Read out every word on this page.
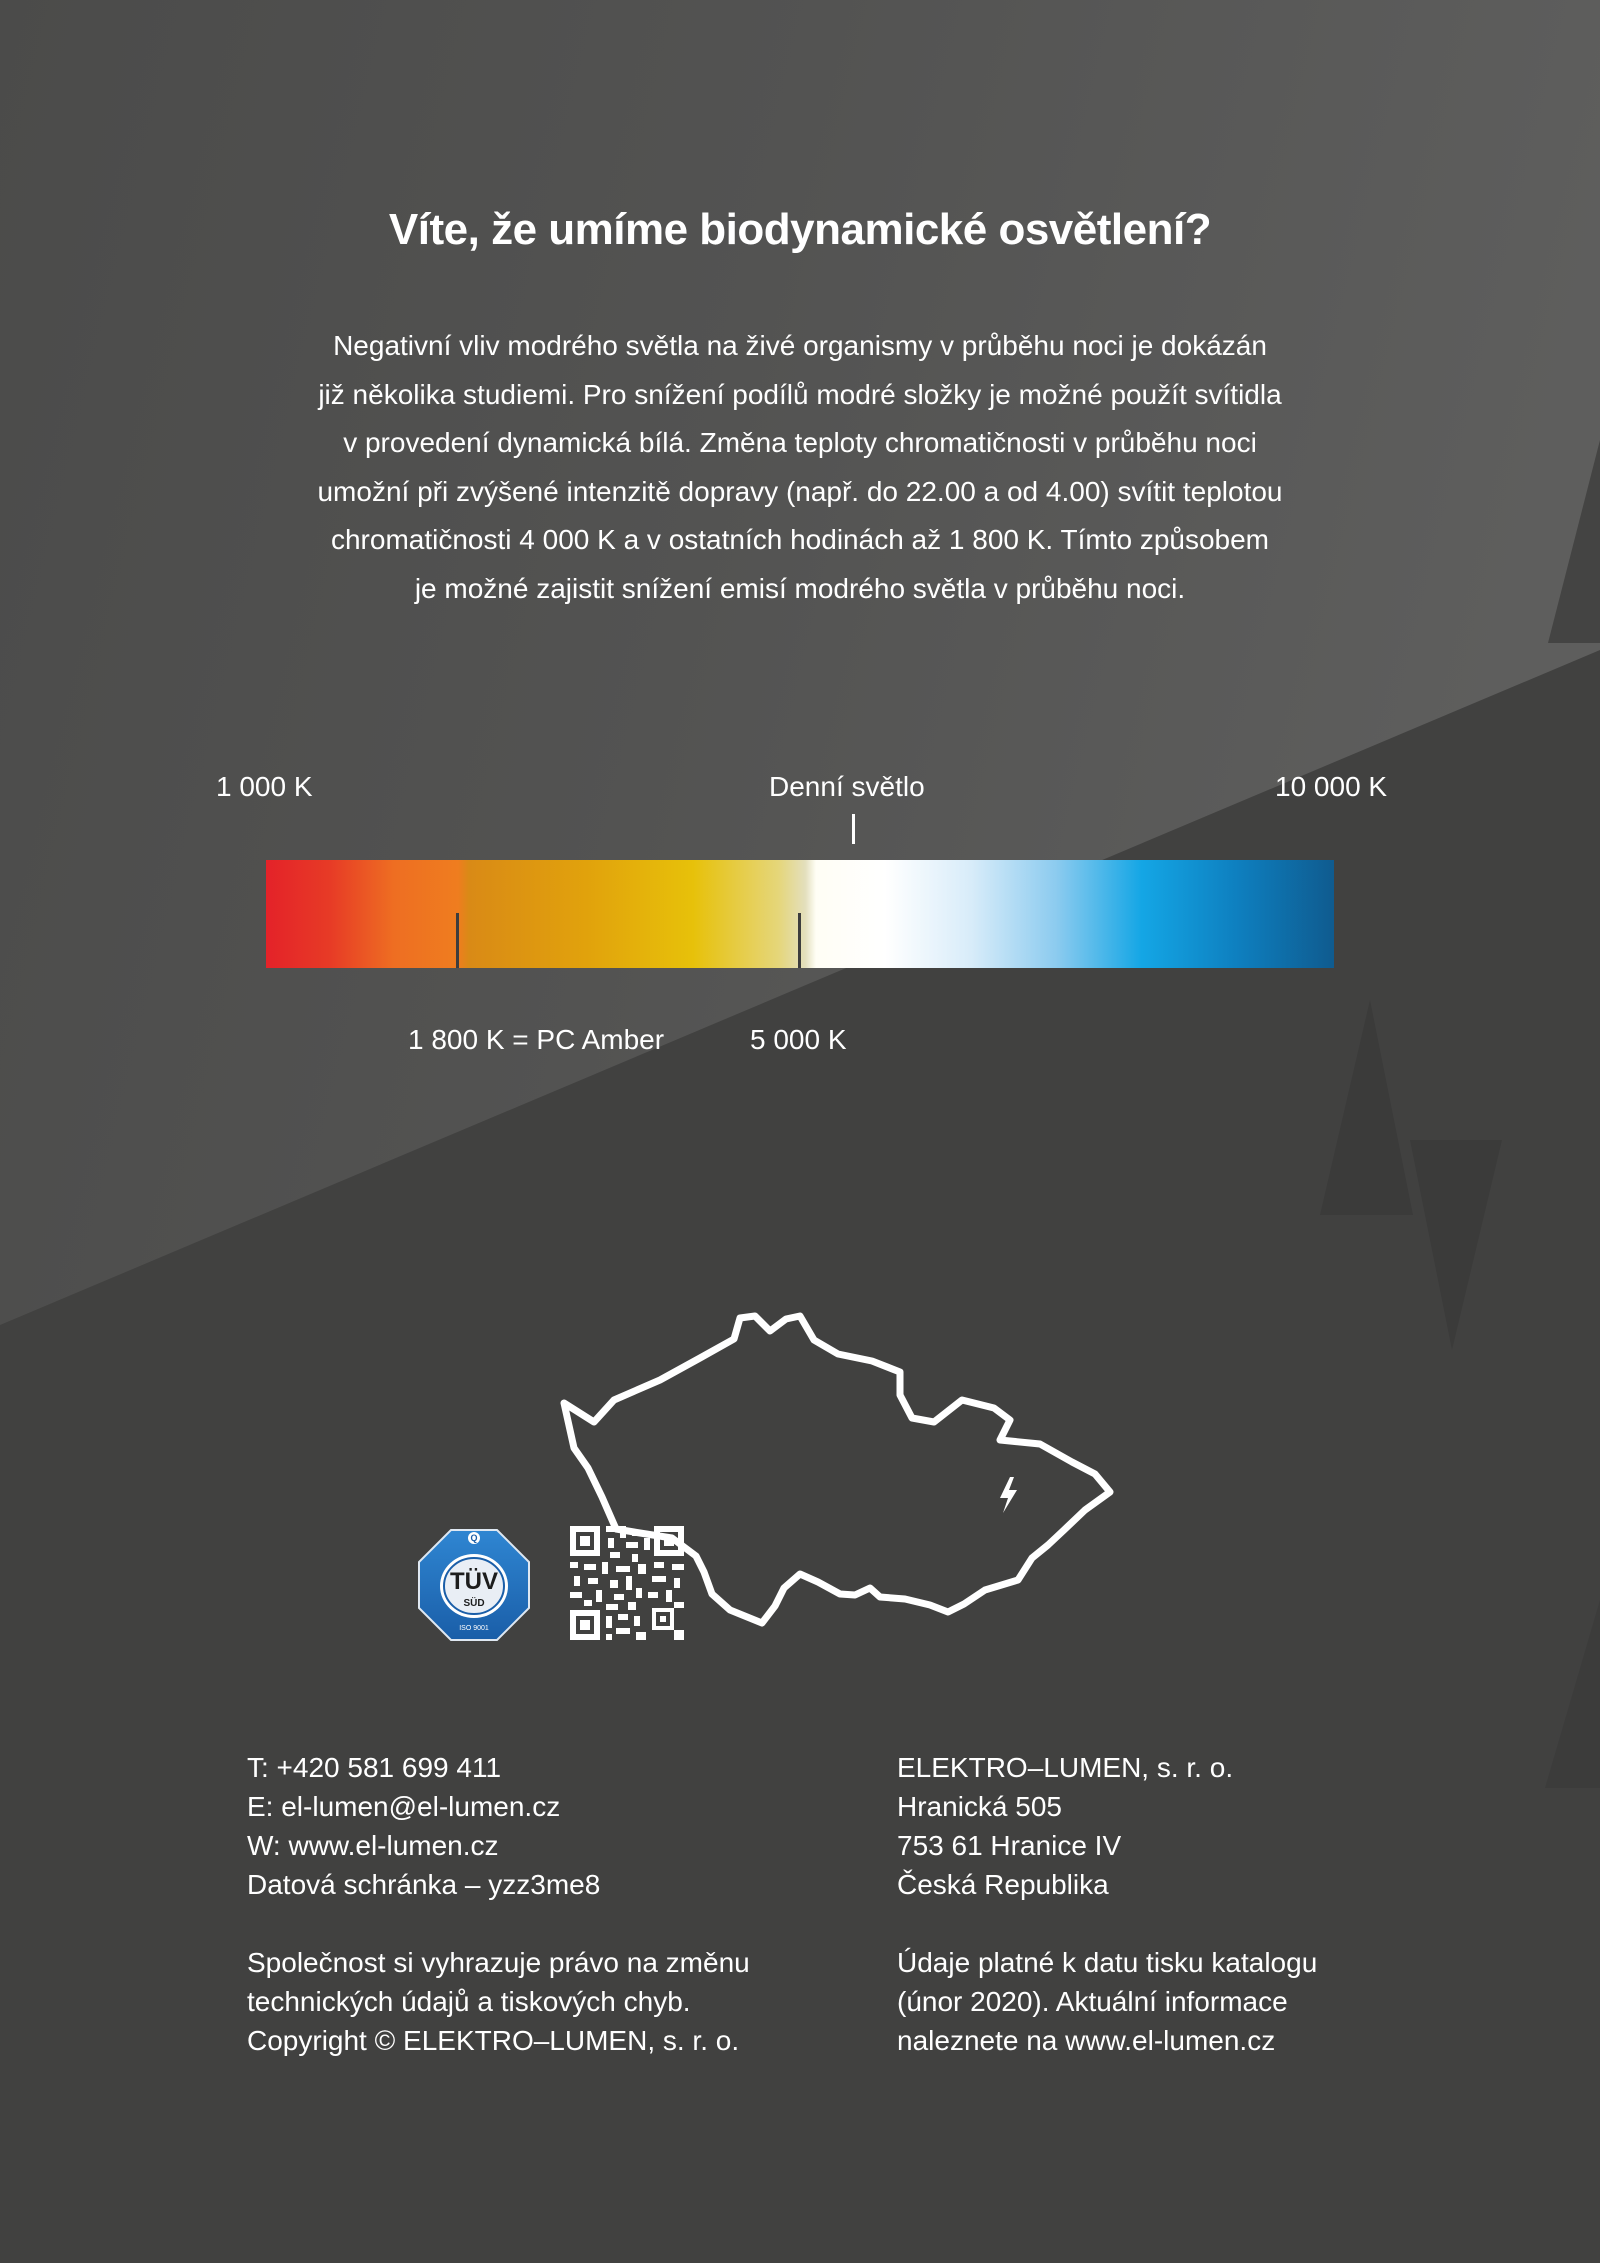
Víte, že umíme biodynamické osvětlení?

Negativní vliv modrého světla na živé organismy v průběhu noci je dokázán
již několika studiemi. Pro snížení podílů modré složky je možné použít svítidla
v provedení dynamická bílá. Změna teploty chromatičnosti v průběhu noci
umožní při zvýšené intenzitě dopravy (např. do 22.00 a od 4.00) svítit teplotou
chromatičnosti 4 000 K a v ostatních hodinách až 1 800 K. Tímto způsobem
je možné zajistit snížení emisí modrého světla v průběhu noci.

1 000 K	Denní světlo	10 000 K
1 800 K = PC Amber	5 000 K
Q
TÜV
SÜD
ISO 9001

T: +420 581 699 411

E: el-lumen@el-lumen.cz

W: www.el-lumen.cz

Datová schránka – yzz3me8

Společnost si vyhrazuje právo na změnu

technických údajů a tiskových chyb.

Copyright © ELEKTRO–LUMEN, s. r. o.

ELEKTRO–LUMEN, s. r. o.

Hranická 505

753 61 Hranice IV

Česká Republika

Údaje platné k datu tisku katalogu

(únor 2020). Aktuální informace

naleznete na www.el-lumen.cz
